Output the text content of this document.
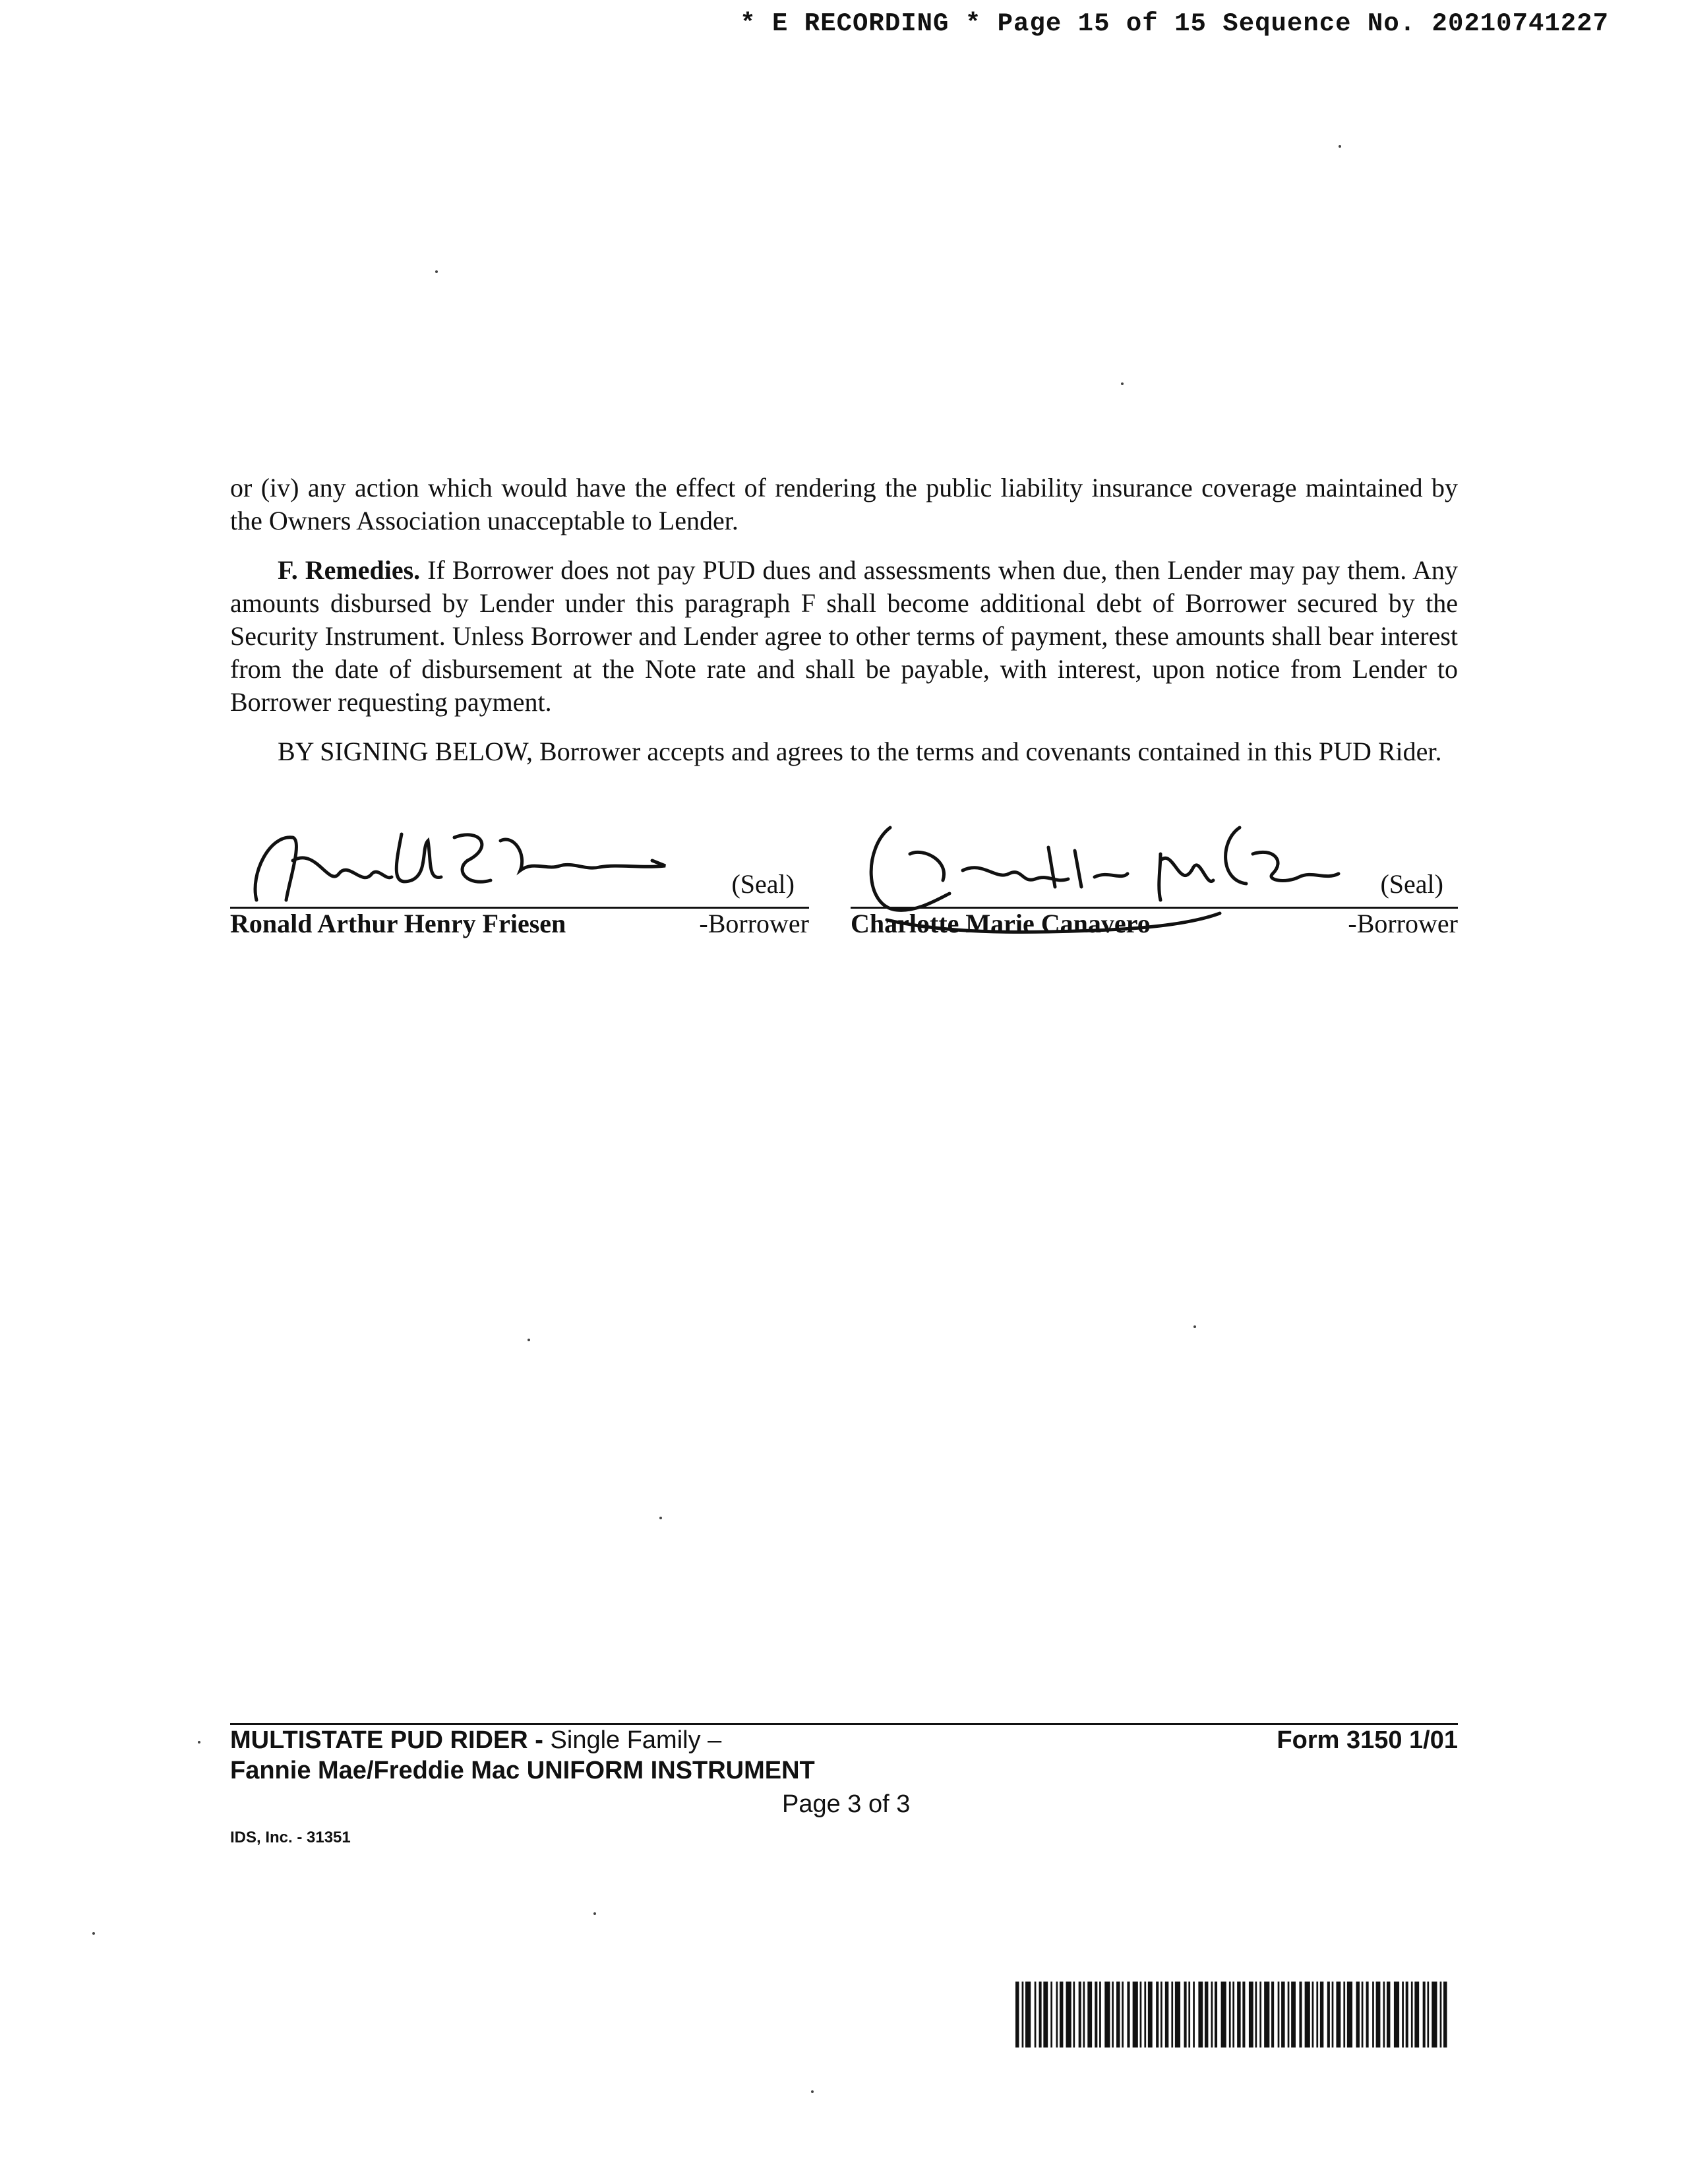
* E RECORDING * Page 15 of 15 Sequence No. 20210741227

or (iv) any action which would have the effect of rendering the public liability insurance coverage maintained by the Owners Association unacceptable to Lender.

F. Remedies. If Borrower does not pay PUD dues and assessments when due, then Lender may pay them. Any amounts disbursed by Lender under this paragraph F shall become additional debt of Borrower secured by the Security Instrument. Unless Borrower and Lender agree to other terms of payment, these amounts shall bear interest from the date of disbursement at the Note rate and shall be payable, with interest, upon notice from Lender to Borrower requesting payment.

BY SIGNING BELOW, Borrower accepts and agrees to the terms and covenants contained in this PUD Rider.

(Seal)
Ronald Arthur Henry Friesen	-Borrower
(Seal)
Charlotte Marie Canavero	-Borrower
MULTISTATE PUD RIDER - Single Family –
Fannie Mae/Freddie Mac UNIFORM INSTRUMENT
Form 3150 1/01
Page 3 of 3
IDS, Inc. - 31351
